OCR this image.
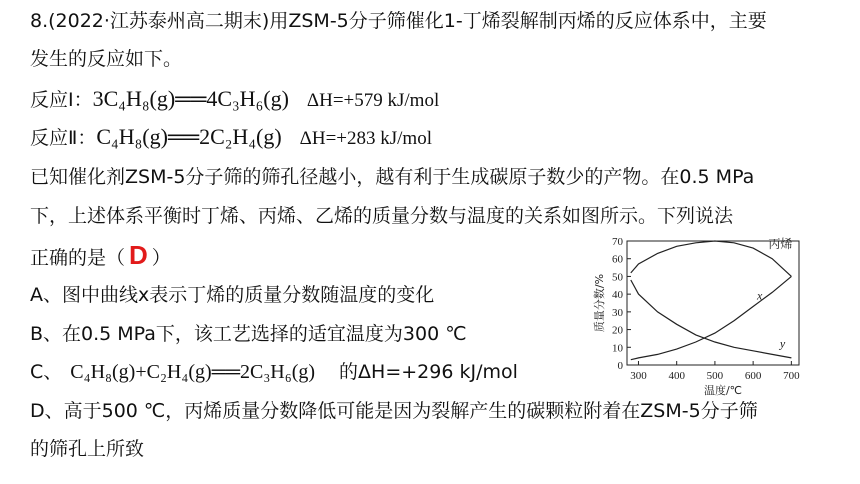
8.(2022·江苏泰州高二期末)用ZSM-5分子筛催化1-丁烯裂解制丙烯的反应体系中，主要
发生的反应如下。
反应Ⅰ：3C₄H₈(g)══4C₃H₆(g) ΔH=+579 kJ/mol
反应Ⅱ：C₄H₈(g)══2C₂H₄(g) ΔH=+283 kJ/mol
已知催化剂ZSM-5分子筛的筛孔径越小，越有利于生成碳原子数少的产物。在0.5 MPa
下，上述体系平衡时丁烯、丙烯、乙烯的质量分数与温度的关系如图所示。下列说法
正确的是（ D ）
A、图中曲线x表示丁烯的质量分数随温度的变化
B、在0.5 MPa下，该工艺选择的适宜温度为300 ℃
C、 C₄H₈(g)+C₂H₄(g)══2C₃H₆(g) 的ΔH=+296 kJ/mol
D、高于500 ℃，丙烯质量分数降低可能是因为裂解产生的碳颗粒附着在ZSM-5分子筛
的筛孔上所致
0
10
20
30
40
50
60
70
300 400 500 600 700
温度/℃
质量分数/%
丙烯
x
y
